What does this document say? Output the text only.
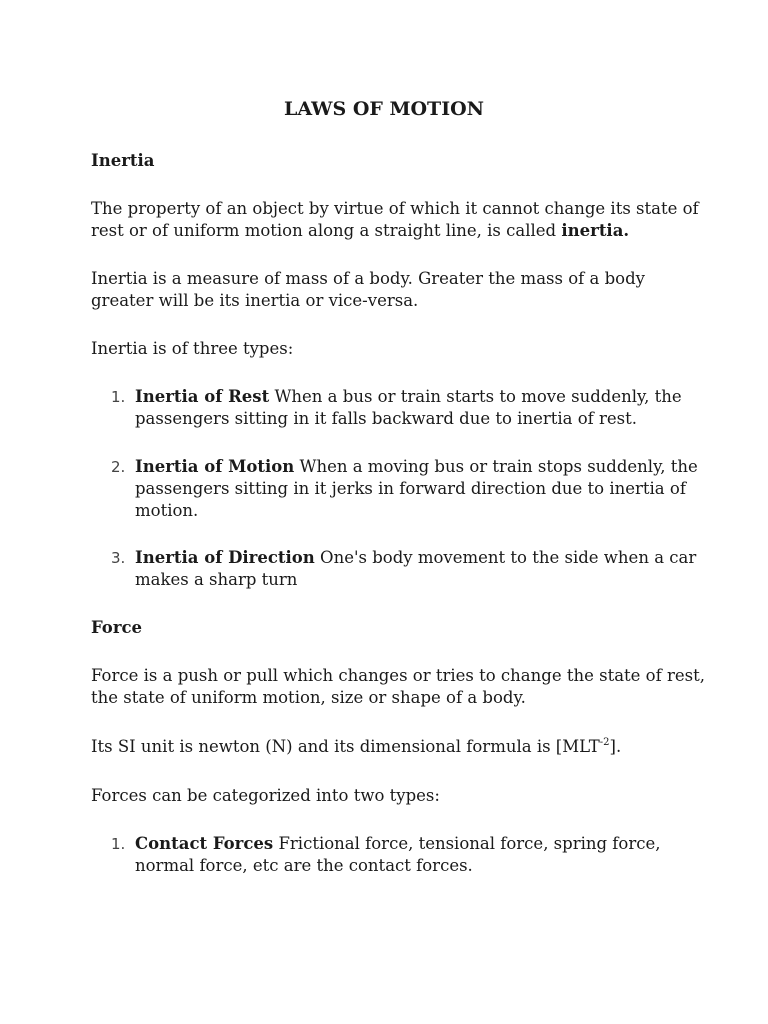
LAWS OF MOTION
Inertia

The property of an object by virtue of which it cannot change its state of rest or of uniform motion along a straight line, is called inertia.

Inertia is a measure of mass of a body. Greater the mass of a body greater will be its inertia or vice-versa.

Inertia is of three types:

1. Inertia of Rest When a bus or train starts to move suddenly, the passengers sitting in it falls backward due to inertia of rest.
2. Inertia of Motion When a moving bus or train stops suddenly, the passengers sitting in it jerks in forward direction due to inertia of motion.
3. Inertia of Direction One's body movement to the side when a car makes a sharp turn
Force

Force is a push or pull which changes or tries to change the state of rest, the state of uniform motion, size or shape of a body.

Its SI unit is newton (N) and its dimensional formula is $[MLT^{-2}]$.

Forces can be categorized into two types:

1. Contact Forces Frictional force, tensional force, spring force, normal force, etc are the contact forces.
